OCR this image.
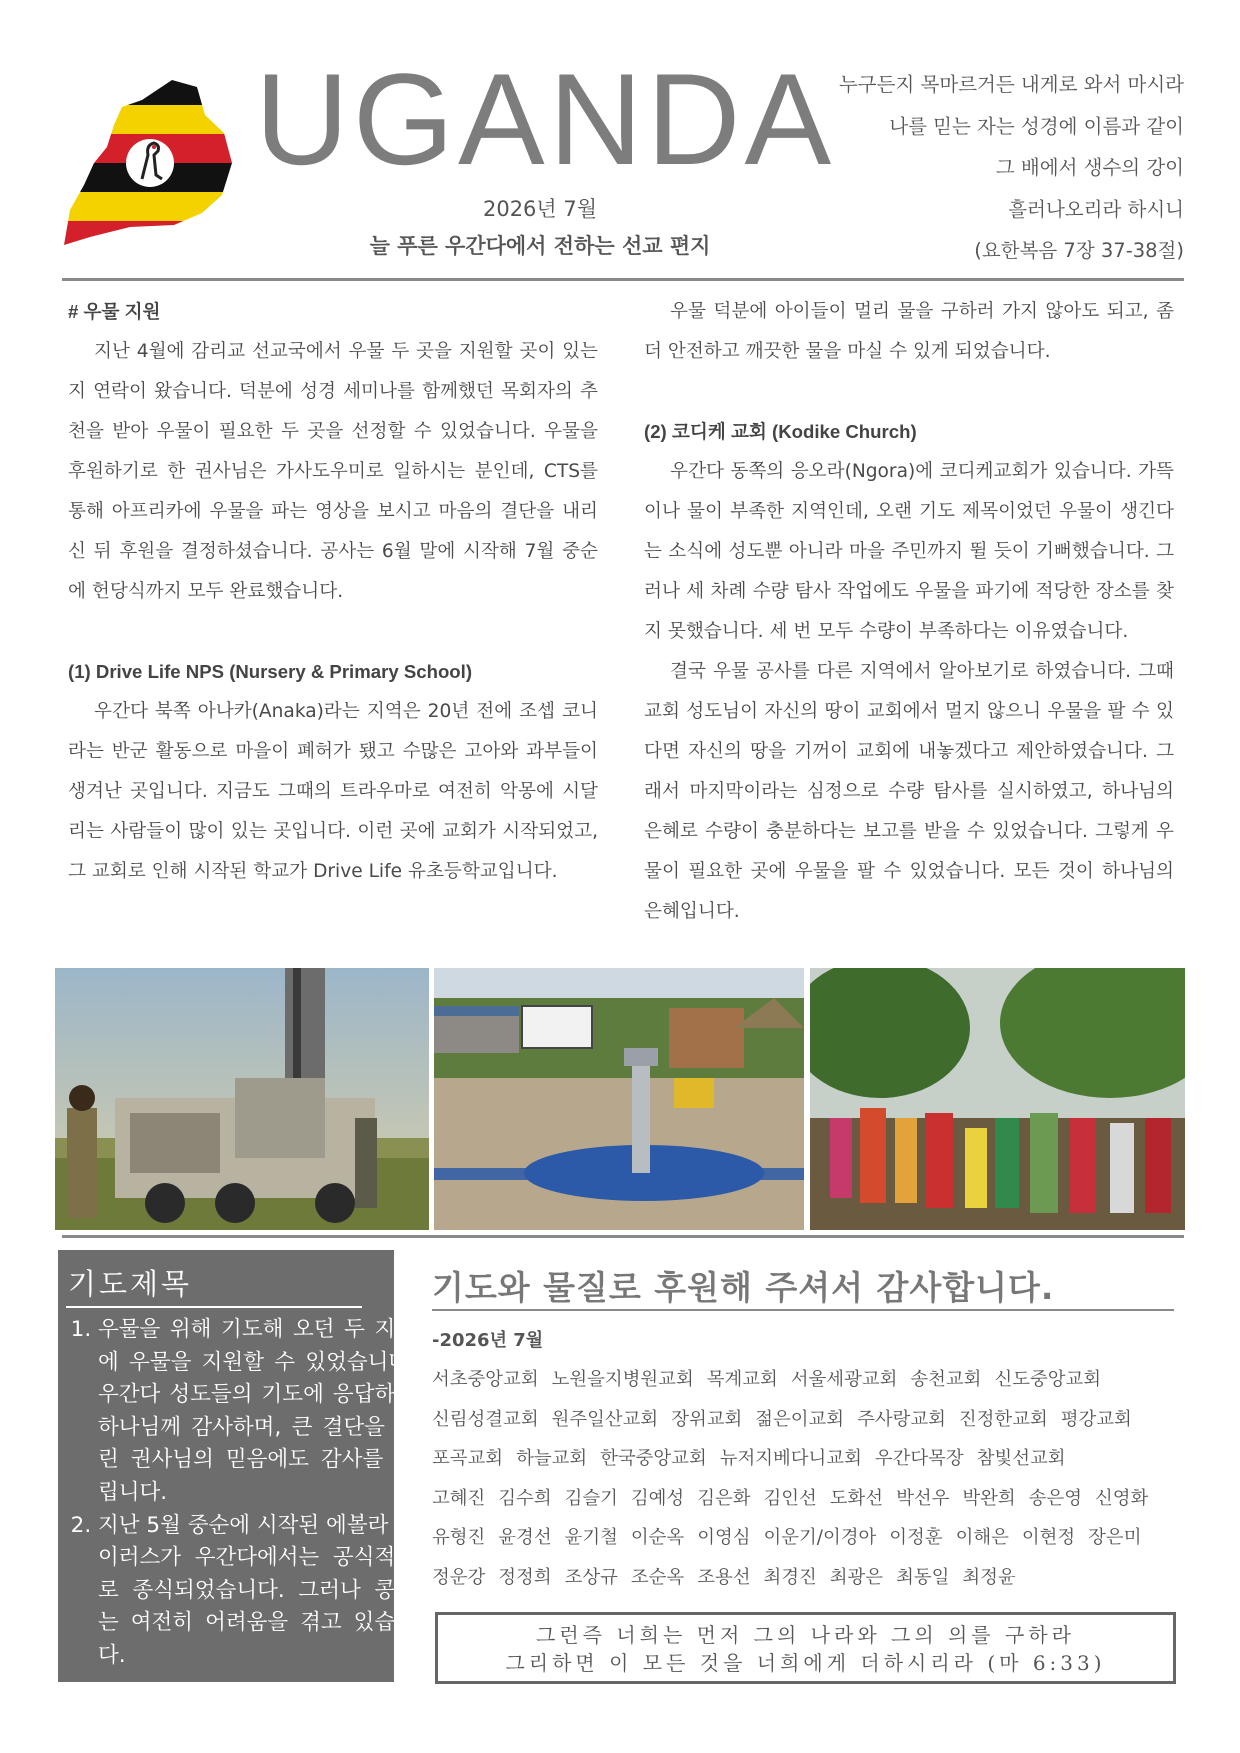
UGANDA
2026년 7월
늘 푸른 우간다에서 전하는 선교 편지
누구든지 목마르거든 내게로 와서 마시라
나를 믿는 자는 성경에 이름과 같이
그 배에서 생수의 강이
흘러나오리라 하시니
(요한복음 7장 37-38절)

# 우물 지원

지난 4월에 감리교 선교국에서 우물 두 곳을 지원할 곳이 있는지 연락이 왔습니다. 덕분에 성경 세미나를 함께했던 목회자의 추천을 받아 우물이 필요한 두 곳을 선정할 수 있었습니다. 우물을 후원하기로 한 권사님은 가사도우미로 일하시는 분인데, CTS를 통해 아프리카에 우물을 파는 영상을 보시고 마음의 결단을 내리신 뒤 후원을 결정하셨습니다. 공사는 6월 말에 시작해 7월 중순에 헌당식까지 모두 완료했습니다.

(1) Drive Life NPS (Nursery & Primary School)

우간다 북쪽 아나카(Anaka)라는 지역은 20년 전에 조셉 코니라는 반군 활동으로 마을이 폐허가 됐고 수많은 고아와 과부들이 생겨난 곳입니다. 지금도 그때의 트라우마로 여전히 악몽에 시달리는 사람들이 많이 있는 곳입니다. 이런 곳에 교회가 시작되었고, 그 교회로 인해 시작된 학교가 Drive Life 유초등학교입니다.

우물 덕분에 아이들이 멀리 물을 구하러 가지 않아도 되고, 좀 더 안전하고 깨끗한 물을 마실 수 있게 되었습니다.

(2) 코디케 교회 (Kodike Church)

우간다 동쪽의 응오라(Ngora)에 코디케교회가 있습니다. 가뜩이나 물이 부족한 지역인데, 오랜 기도 제목이었던 우물이 생긴다는 소식에 성도뿐 아니라 마을 주민까지 뛸 듯이 기뻐했습니다. 그러나 세 차례 수량 탐사 작업에도 우물을 파기에 적당한 장소를 찾지 못했습니다. 세 번 모두 수량이 부족하다는 이유였습니다.

결국 우물 공사를 다른 지역에서 알아보기로 하였습니다. 그때 교회 성도님이 자신의 땅이 교회에서 멀지 않으니 우물을 팔 수 있다면 자신의 땅을 기꺼이 교회에 내놓겠다고 제안하였습니다. 그래서 마지막이라는 심정으로 수량 탐사를 실시하였고, 하나님의 은혜로 수량이 충분하다는 보고를 받을 수 있었습니다. 그렇게 우물이 필요한 곳에 우물을 팔 수 있었습니다. 모든 것이 하나님의 은혜입니다.

기도제목
1. 우물을 위해 기도해 오던 두 지역에 우물을 지원할 수 있었습니다. 우간다 성도들의 기도에 응답하신 하나님께 감사하며, 큰 결단을 내린 권사님의 믿음에도 감사를 드립니다.
2. 지난 5월 중순에 시작된 에볼라 바이러스가 우간다에서는 공식적으로 종식되었습니다. 그러나 콩고는 여전히 어려움을 겪고 있습니다.
기도와 물질로 후원해 주셔서 감사합니다.
-2026년 7월
서초중앙교회 노원을지병원교회 목계교회 서울세광교회 송천교회 신도중앙교회
신림성결교회 원주일산교회 장위교회 젊은이교회 주사랑교회 진정한교회 평강교회
포곡교회 하늘교회 한국중앙교회 뉴저지베다니교회 우간다목장 참빛선교회
고혜진 김수희 김슬기 김예성 김은화 김인선 도화선 박선우 박완희 송은영 신영화
유형진 윤경선 윤기철 이순옥 이영심 이운기/이경아 이정훈 이해은 이현정 장은미
정운강 정정희 조상규 조순옥 조용선 최경진 최광은 최동일 최정윤
그런즉 너희는 먼저 그의 나라와 그의 의를 구하라
그리하면 이 모든 것을 너희에게 더하시리라 (마 6:33)
